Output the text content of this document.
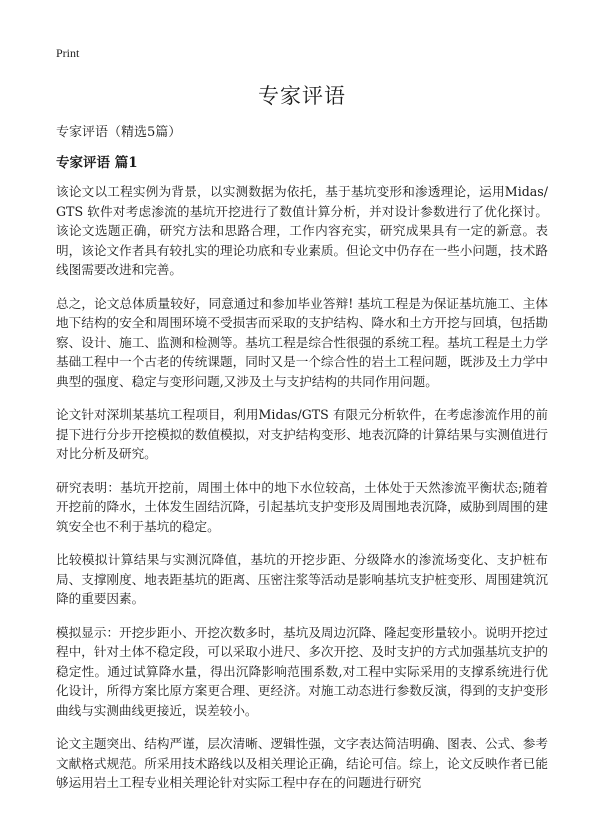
Print
专家评语
专家评语（精选5篇）
专家评语 篇1

该论文以工程实例为背景，以实测数据为依托，基于基坑变形和渗透理论，运用Midas/GTS 软件对考虑渗流的基坑开挖进行了数值计算分析，并对设计参数进行了优化探讨。该论文选题正确，研究方法和思路合理，工作内容充实，研究成果具有一定的新意。表明，该论文作者具有较扎实的理论功底和专业素质。但论文中仍存在一些小问题，技术路线图需要改进和完善。

总之，论文总体质量较好，同意通过和参加毕业答辩! 基坑工程是为保证基坑施工、主体地下结构的安全和周围环境不受损害而采取的支护结构、降水和土方开挖与回填，包括勘察、设计、施工、监测和检测等。基坑工程是综合性很强的系统工程。基坑工程是土力学基础工程中一个古老的传统课题，同时又是一个综合性的岩土工程问题，既涉及土力学中典型的强度、稳定与变形问题,又涉及土与支护结构的共同作用问题。

论文针对深圳某基坑工程项目，利用Midas/GTS 有限元分析软件，在考虑渗流作用的前提下进行分步开挖模拟的数值模拟，对支护结构变形、地表沉降的计算结果与实测值进行对比分析及研究。

研究表明：基坑开挖前，周围土体中的地下水位较高，土体处于天然渗流平衡状态;随着开挖前的降水，土体发生固结沉降，引起基坑支护变形及周围地表沉降，威胁到周围的建筑安全也不利于基坑的稳定。

比较模拟计算结果与实测沉降值，基坑的开挖步距、分级降水的渗流场变化、支护桩布局、支撑刚度、地表距基坑的距离、压密注浆等活动是影响基坑支护桩变形、周围建筑沉降的重要因素。

模拟显示：开挖步距小、开挖次数多时，基坑及周边沉降、隆起变形量较小。说明开挖过程中，针对土体不稳定段，可以采取小进尺、多次开挖、及时支护的方式加强基坑支护的稳定性。通过试算降水量，得出沉降影响范围系数,对工程中实际采用的支撑系统进行优化设计，所得方案比原方案更合理、更经济。对施工动态进行参数反演，得到的支护变形曲线与实测曲线更接近，误差较小。

论文主题突出、结构严谨，层次清晰、逻辑性强，文字表达简洁明确、图表、公式、参考文献格式规范。所采用技术路线以及相关理论正确，结论可信。综上，论文反映作者已能够运用岩土工程专业相关理论针对实际工程中存在的问题进行研究
